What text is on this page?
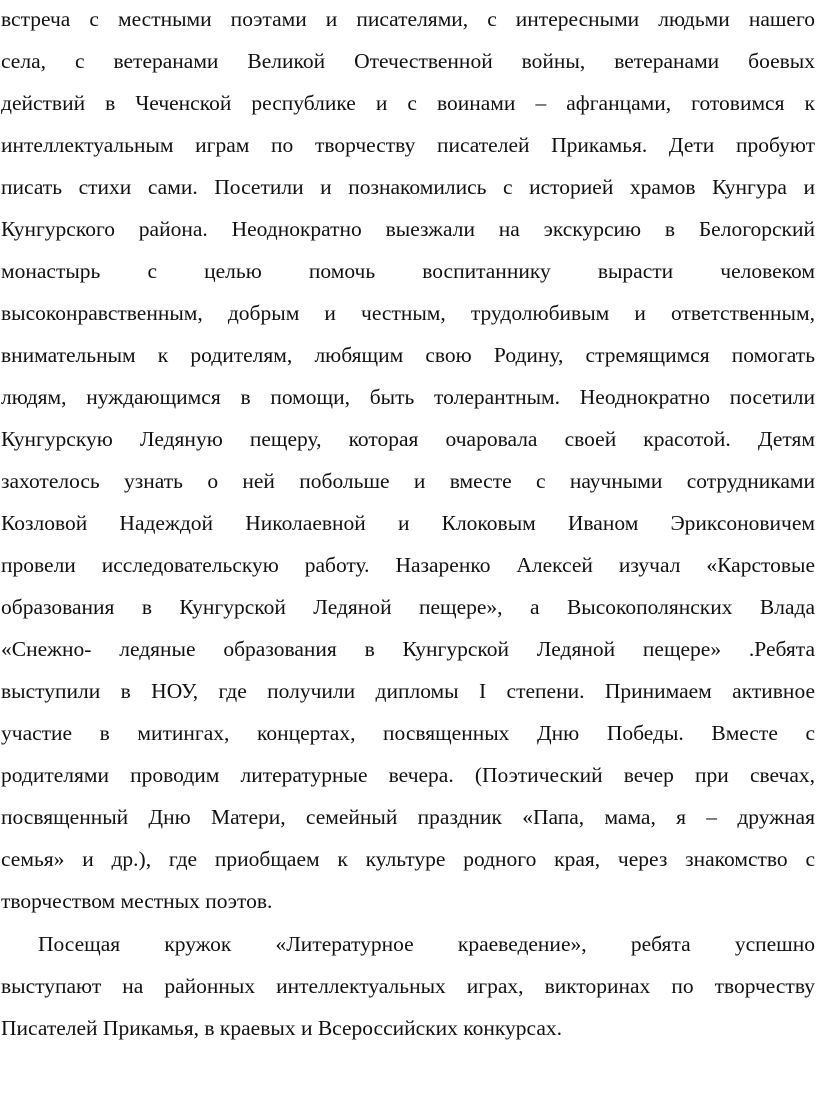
встреча с местными поэтами и писателями, с интересными людьми нашего
села, с ветеранами Великой Отечественной войны, ветеранами боевых
действий в Чеченской республике и с воинами – афганцами, готовимся к
интеллектуальным играм по творчеству писателей Прикамья. Дети пробуют
писать стихи сами. Посетили и познакомились с историей храмов Кунгура и
Кунгурского района. Неоднократно выезжали на экскурсию в Белогорский
монастырь с целью помочь воспитаннику вырасти человеком
высоконравственным, добрым и честным, трудолюбивым и ответственным,
внимательным к родителям, любящим свою Родину, стремящимся помогать
людям, нуждающимся в помощи, быть толерантным. Неоднократно посетили
Кунгурскую Ледяную пещеру, которая очаровала своей красотой. Детям
захотелось узнать о ней побольше и вместе с научными сотрудниками
Козловой Надеждой Николаевной и Клоковым Иваном Эриксоновичем
провели исследовательскую работу. Назаренко Алексей изучал «Карстовые
образования в Кунгурской Ледяной пещере», а Высокополянских Влада
«Снежно- ледяные образования в Кунгурской Ледяной пещере» .Ребята
выступили в НОУ, где получили дипломы I степени. Принимаем активное
участие в митингах, концертах, посвященных Дню Победы. Вместе с
родителями проводим литературные вечера. (Поэтический вечер при свечах,
посвященный Дню Матери, семейный праздник «Папа, мама, я – дружная
семья» и др.), где приобщаем к культуре родного края, через знакомство с
творчеством местных поэтов.
Посещая кружок «Литературное краеведение», ребята успешно
выступают на районных интеллектуальных играх, викторинах по творчеству
Писателей Прикамья, в краевых и Всероссийских конкурсах.
